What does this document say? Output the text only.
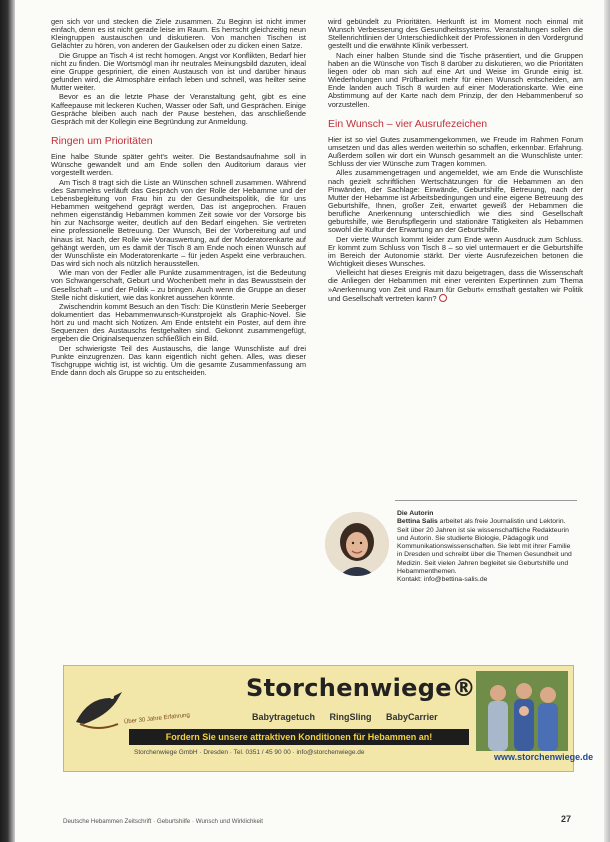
gen sich vor und stecken die Ziele zusammen. Zu Beginn ist nicht immer einfach, denn es ist nicht gerade leise im Raum. Es herrscht gleichzeitig neun Kleingruppen austauschen und diskutieren. Von manchen Tischen ist Gelächter zu hören, von anderen der Gaukelsen oder zu dicken einen Satze.

Die Gruppe an Tisch 4 ist recht homogen. Angst vor Konflikten, Bedarf hier nicht zu finden. Die Wortsmögl man ihr neutrales Meinungsbild dazuten, ideal eine Gruppe gespriniert, die einen Austausch von ist und darüber hinaus gefunden wird, die Atmosphäre einfach leben und schnell, was heilter seine Mutter weiter.

Bevor es an die letzte Phase der Veranstaltung geht, gibt es eine Kaffeepause mit leckeren Kuchen, Wasser oder Saft, und Gesprächen. Einige Gespräche bleiben auch nach der Pause bestehen, das anschließende Gespräch mit der Kollegin eine Begründung zur Anmeldung.

Ringen um Prioritäten

Eine halbe Stunde später geht's weiter. Die Bestandsaufnahme soll in Wünsche gewandelt und am Ende sollen den Auditorium daraus vier vorgestellt werden.

Am Tisch 8 tragt sich die Liste an Wünschen schnell zusammen. Während des Sammelns verläuft das Gespräch von der Rolle der Hebamme und der Lebensbegleitung von Frau hin zu der Gesundheitspolitik, die für uns Hebammen weitgehend geprägt werden, Das ist angeprochen. Frauen nehmen eigenständig Hebammen kommen Zeit sowie vor der Vorsorge bis hin zur Nachsorge weiter, deutlich auf den Bedarf eingehen. Sie vertreten eine professionelle Betreuung. Der Wunsch, Bei der Vorbereitung auf und hinaus ist. Nach, der Rolle wie Vorauswertung, auf der Moderatorenkarte auf gehängt werden, um es damit der Tisch 8 am Ende noch einen Wunsch auf der Wunschliste ein Moderatorenkarte – für jeden Aspekt eine verbrauchen. Das wird sich noch als nützlich herausstellen.

Wie man von der Fedler alle Punkte zusammentragen, ist die Bedeutung von Schwangerschaft, Geburt und Wochenbett mehr in das Bewusstsein der Gesellschaft – und der Politik – zu bringen. Auch wenn die Gruppe an dieser Stelle nicht diskutiert, wie das konkret aussehen könnte.

Zwischendrin kommt Besuch an den Tisch: Die Künstlerin Merie Seeberger dokumentiert das Hebammenwunsch-Kunstprojekt als Graphic-Novel. Sie hört zu und macht sich Notizen. Am Ende entsteht ein Poster, auf dem ihre Sequenzen des Austauschs festgehalten sind. Gekonnt zusammengefügt, ergeben die Originalsequenzen schließlich ein Bild.

Der schwierigste Teil des Austauschs, die lange Wunschliste auf drei Punkte einzugrenzen. Das kann eigentlich nicht gehen. Alles, was dieser Tischgruppe wichtig ist, ist wichtig. Um die gesamte Zusammenfassung am Ende dann doch als Gruppe so zu entscheiden.

wird gebündelt zu Prioritäten. Herkunft ist im Moment noch einmal mit Wunsch Verbesserung des Gesundheitssystems. Veranstaltungen sollen die Stellenrichtlinien der Unterschiedlichkeit der Professionen in den Vordergrund gestellt und die erwähnte Klinik verbessert.

Nach einer halben Stunde sind die Tische präsentiert, und die Gruppen haben an die Wünsche von Tisch 8 darüber zu diskutieren, wo die Prioritäten liegen oder ob man sich auf eine Art und Weise im Grunde einig ist. Wiederholungen und Prüfbarkeit mehr für einen Wunsch entscheiden, am Ende landen auch Tisch 8 wurden auf einer Moderationskarte. Wie eine Abstimmung auf der Karte nach dem Prinzip, der den Hebammenberuf so vorzustellen.

Ein Wunsch – vier Ausrufezeichen

Hier ist so viel Gutes zusammengekommen, we Freude im Rahmen Forum umsetzen und das alles werden weiterhin so schaffen, erkennbar. Erfahrung. Außerdem sollen wir dort ein Wunsch gesammelt an die Wunschliste unter: Schluss der vier Wünsche zum Tragen kommen.

Alles zusammengetragen und angemeldet, wie am Ende die Wunschliste nach gezielt schriftlichen Wertschätzungen für die Hebammen an den Pinwänden, der Sachlage: Einwände, Geburtshilfe, Betreuung, nach der Mutter der Hebamme ist Arbeitsbedingungen und eine eigene Betreuung des Geburtshilfe, Ihnen, großer Zeit, erwartet geweiß der Hebammen die berufliche Anerkennung unterschiedlich wie dies sind Gesellschaft geburtshilfe, wie Berufspflegerin und stationäre Tätigkeiten als Hebammen sowohl die Kultur der Erwartung an der Geburtshilfe.

Der vierte Wunsch kommt leider zum Ende wenn Ausdruck zum Schluss. Er kommt zum Schluss von Tisch 8 – so viel untermauert er die Geburtshilfe im Bereich der Autonomie stärkt. Der vierte Ausrufezeichen betonen die Wichtigkeit dieses Wunsches.

Vielleicht hat dieses Ereignis mit dazu beigetragen, dass die Wissenschaft die Anliegen der Hebammen mit einer vereinten Expertinnen zum Thema »Anerkennung von Zeit und Raum für Geburt« ernsthaft gestalten wir Politik und Gesellschaft vertreten kann?

Die Autorin
Bettina Salis arbeitet als freie Journalistin und Lektorin. Seit über 20 Jahren ist sie wissenschaftliche Redakteurin und Autorin. Sie studierte Biologie, Pädagogik und Kommunikationswissenschaften. Sie lebt mit ihrer Familie in Dresden und schreibt über die Themen Gesundheit und Medizin. Seit vielen Jahren begleitet sie Geburtshilfe und Hebammenthemen.
Kontakt: info@bettina-salis.de
Über 30 Jahre Erfahrung
Storchenwiege®
Babytragetuch RingSling BabyCarrier
Fordern Sie unsere attraktiven Konditionen für Hebammen an!
Storchenwiege GmbH · Dresden · Tel. 0351 / 45 90 00 · info@storchenwiege.de	www.storchenwiege.de
Deutsche Hebammen Zeitschrift · Geburtshilfe · Wunsch und Wirklichkeit	27
